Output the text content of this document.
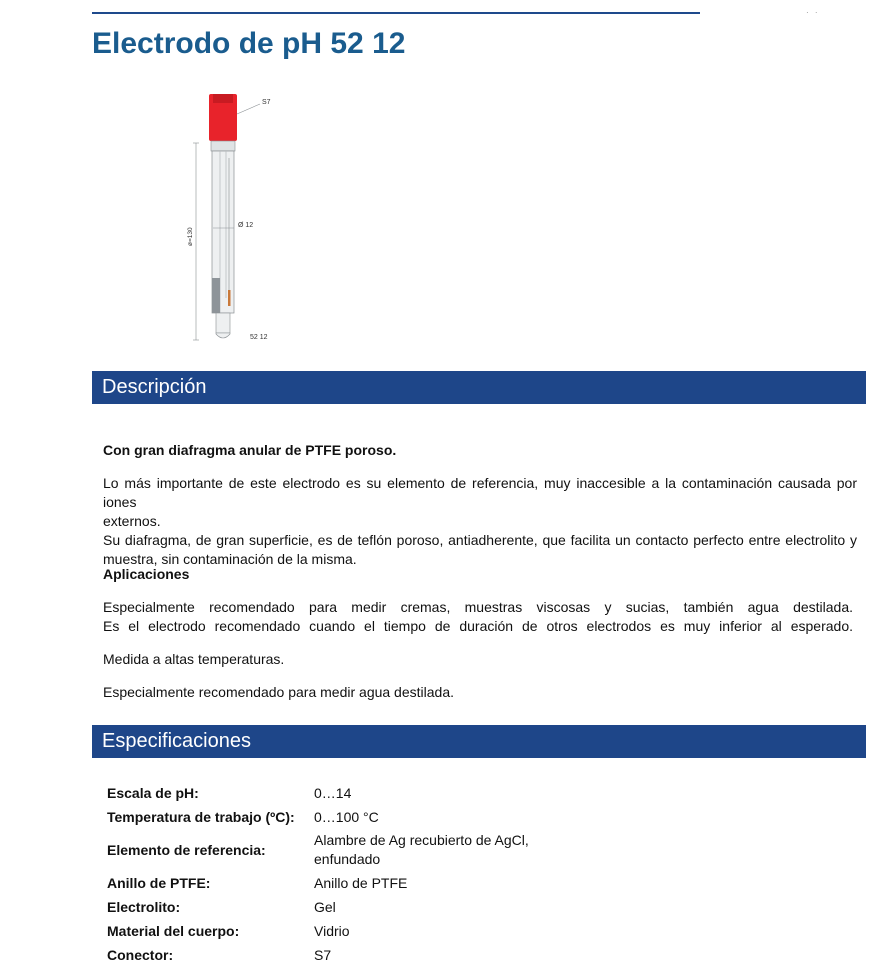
· ·
Electrodo de pH 52 12
S7
ø=130
Ø 12
52 12
Descripción

Con gran diafragma anular de PTFE poroso.

Lo más importante de este electrodo es su elemento de referencia, muy inaccesible a la contaminación causada por iones
externos.
Su diafragma, de gran superficie, es de teflón poroso, antiadherente, que facilita un contacto perfecto entre electrolito y
muestra, sin contaminación de la misma.

Aplicaciones

Especialmente recomendado para medir cremas, muestras viscosas y sucias, también agua destilada.
Es el electrodo recomendado cuando el tiempo de duración de otros electrodos es muy inferior al esperado.

Medida a altas temperaturas.

Especialmente recomendado para medir agua destilada.

Especificaciones
Escala de pH:	0…14
Temperatura de trabajo (ºC):	0…100 °C
Elemento de referencia:	Alambre de Ag recubierto de AgCl,
enfundado

Anillo de PTFE:	Anillo de PTFE
Electrolito:	Gel
Material del cuerpo:	Vidrio
Conector:	S7
